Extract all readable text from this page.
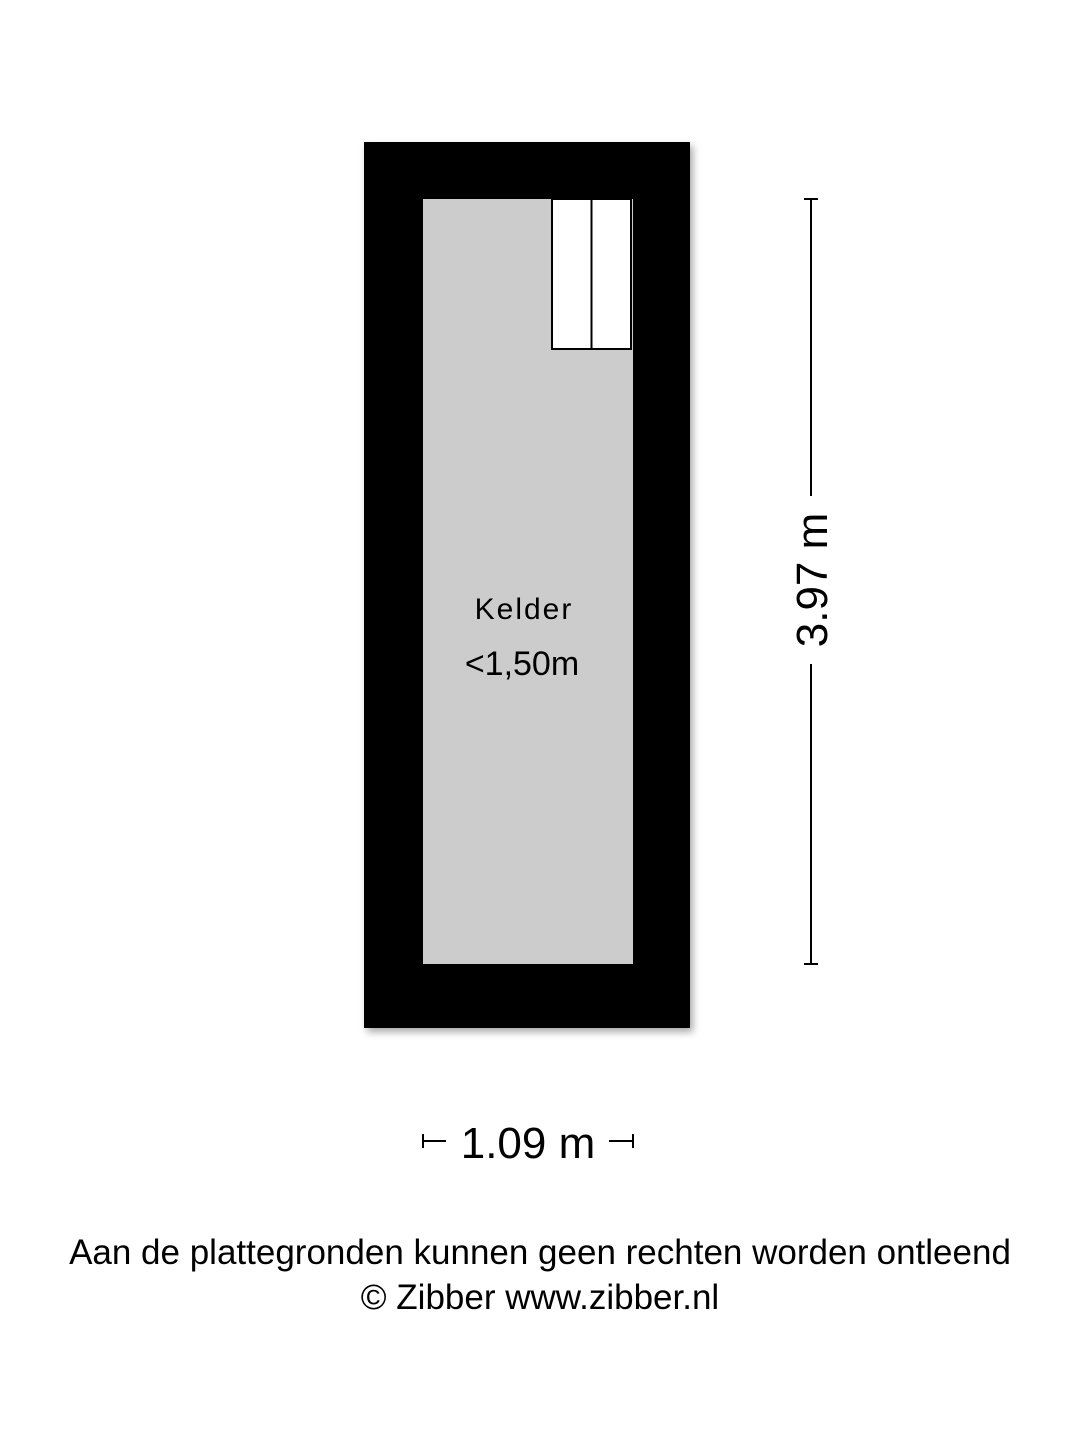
Kelder
<1,50m
3.97 m
1.09 m
Aan de plattegronden kunnen geen rechten worden ontleend
© Zibber www.zibber.nl
